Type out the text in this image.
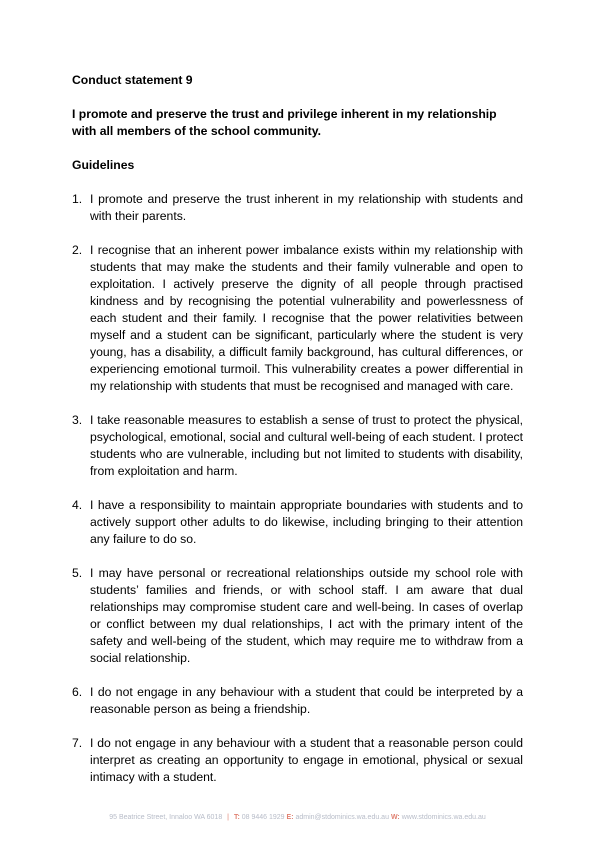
Conduct statement 9

I promote and preserve the trust and privilege inherent in my relationship with all members of the school community.

Guidelines

1. I promote and preserve the trust inherent in my relationship with students and with their parents.
2. I recognise that an inherent power imbalance exists within my relationship with students that may make the students and their family vulnerable and open to exploitation. I actively preserve the dignity of all people through practised kindness and by recognising the potential vulnerability and powerlessness of each student and their family. I recognise that the power relativities between myself and a student can be significant, particularly where the student is very young, has a disability, a difficult family background, has cultural differences, or experiencing emotional turmoil. This vulnerability creates a power differential in my relationship with students that must be recognised and managed with care.
3. I take reasonable measures to establish a sense of trust to protect the physical, psychological, emotional, social and cultural well-being of each student. I protect students who are vulnerable, including but not limited to students with disability, from exploitation and harm.
4. I have a responsibility to maintain appropriate boundaries with students and to actively support other adults to do likewise, including bringing to their attention any failure to do so.
5. I may have personal or recreational relationships outside my school role with students’ families and friends, or with school staff. I am aware that dual relationships may compromise student care and well-being. In cases of overlap or conflict between my dual relationships, I act with the primary intent of the safety and well-being of the student, which may require me to withdraw from a social relationship.
6. I do not engage in any behaviour with a student that could be interpreted by a reasonable person as being a friendship.
7. I do not engage in any behaviour with a student that a reasonable person could interpret as creating an opportunity to engage in emotional, physical or sexual intimacy with a student.
95 Beatrice Street, Innaloo WA 6018 | T: 08 9446 1929 E: admin@stdominics.wa.edu.au W: www.stdominics.wa.edu.au
